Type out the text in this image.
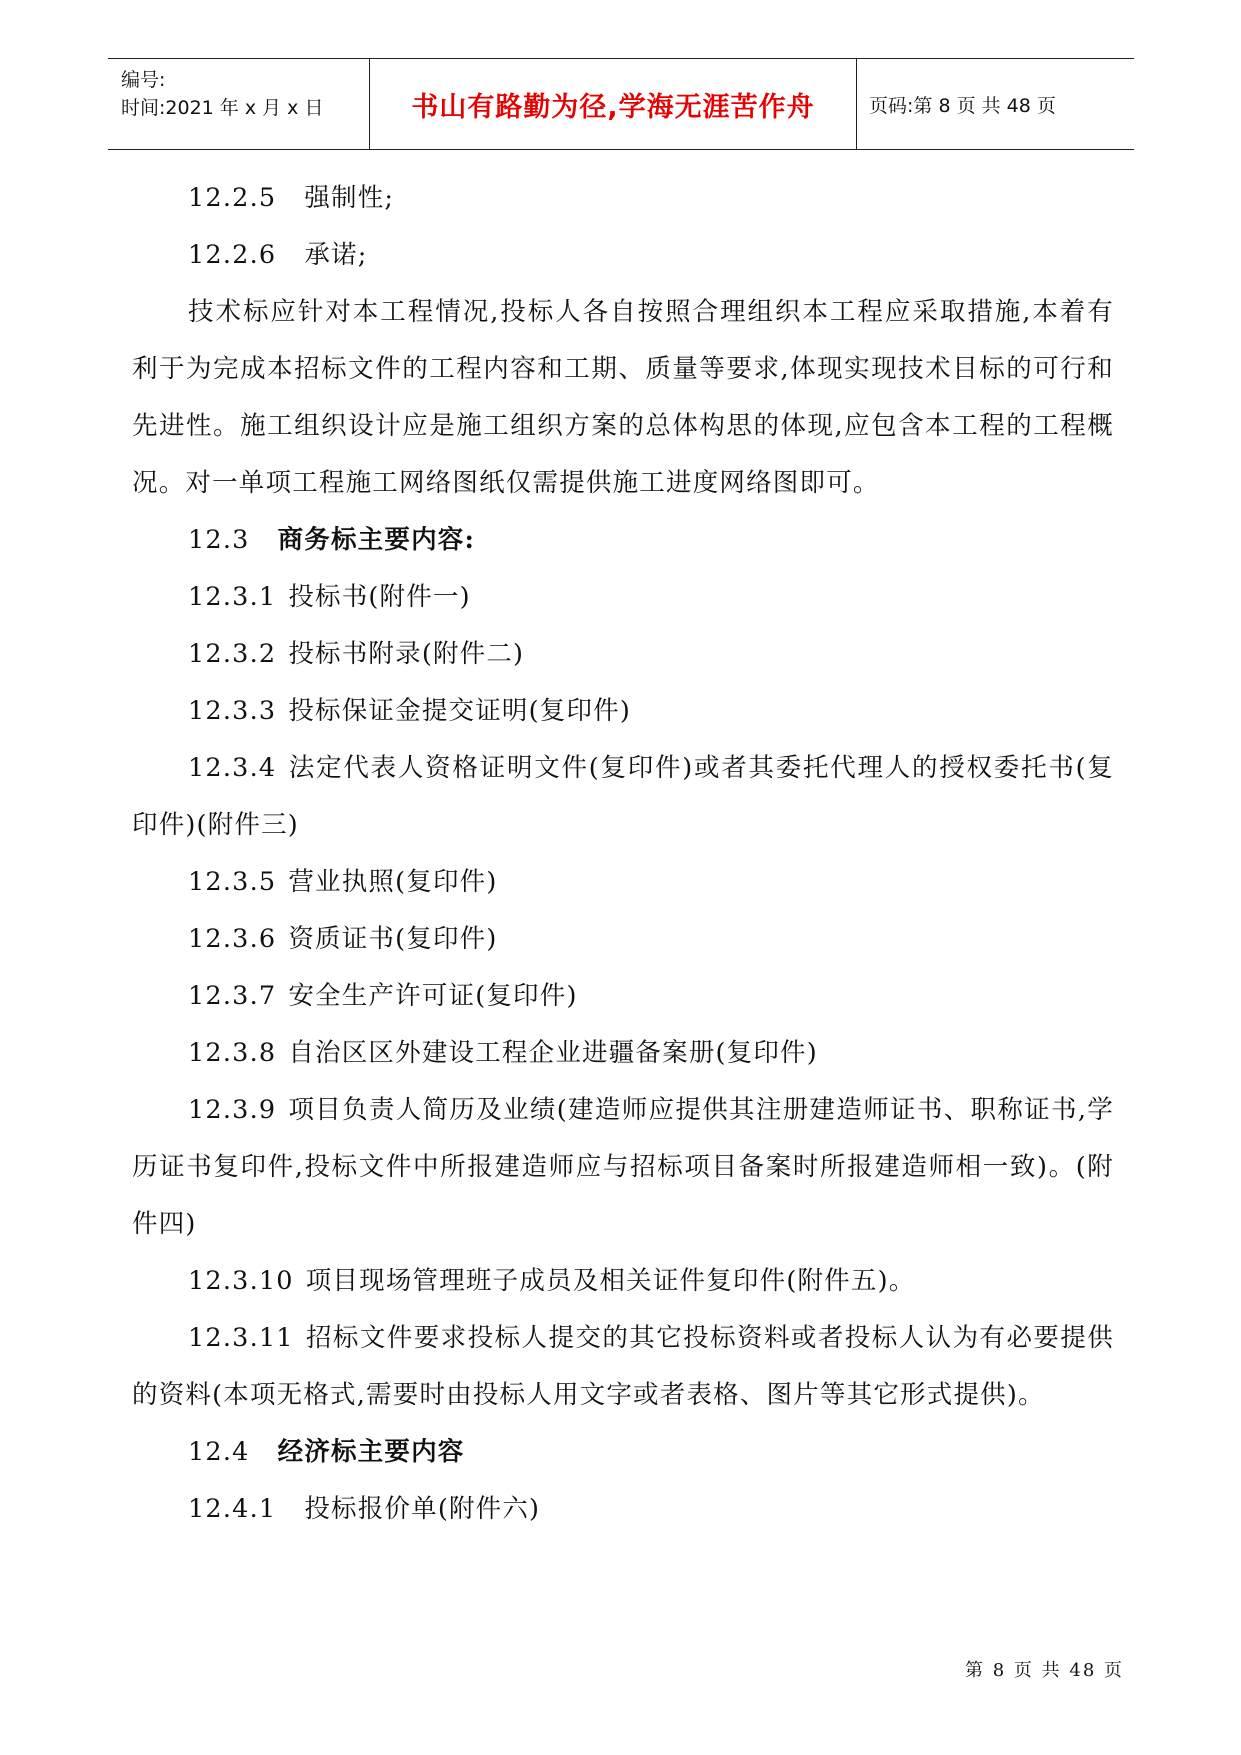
编号:
时间:2021 年 x 月 x 日	书山有路勤为径,学海无涯苦作舟	页码:第 8 页 共 48 页

12.2.5 强制性;

12.2.6 承诺;

技术标应针对本工程情况,投标人各自按照合理组织本工程应采取措施,本着有利于为完成本招标文件的工程内容和工期、质量等要求,体现实现技术目标的可行和先进性。施工组织设计应是施工组织方案的总体构思的体现,应包含本工程的工程概况。对一单项工程施工网络图纸仅需提供施工进度网络图即可。

12.3 商务标主要内容:

12.3.1 投标书(附件一)

12.3.2 投标书附录(附件二)

12.3.3 投标保证金提交证明(复印件)

12.3.4 法定代表人资格证明文件(复印件)或者其委托代理人的授权委托书(复印件)(附件三)

12.3.5 营业执照(复印件)

12.3.6 资质证书(复印件)

12.3.7 安全生产许可证(复印件)

12.3.8 自治区区外建设工程企业进疆备案册(复印件)

12.3.9 项目负责人简历及业绩(建造师应提供其注册建造师证书、职称证书,学历证书复印件,投标文件中所报建造师应与招标项目备案时所报建造师相一致)。(附件四)

12.3.10 项目现场管理班子成员及相关证件复印件(附件五)。

12.3.11 招标文件要求投标人提交的其它投标资料或者投标人认为有必要提供的资料(本项无格式,需要时由投标人用文字或者表格、图片等其它形式提供)。

12.4 经济标主要内容

12.4.1 投标报价单(附件六)

第 8 页 共 48 页
